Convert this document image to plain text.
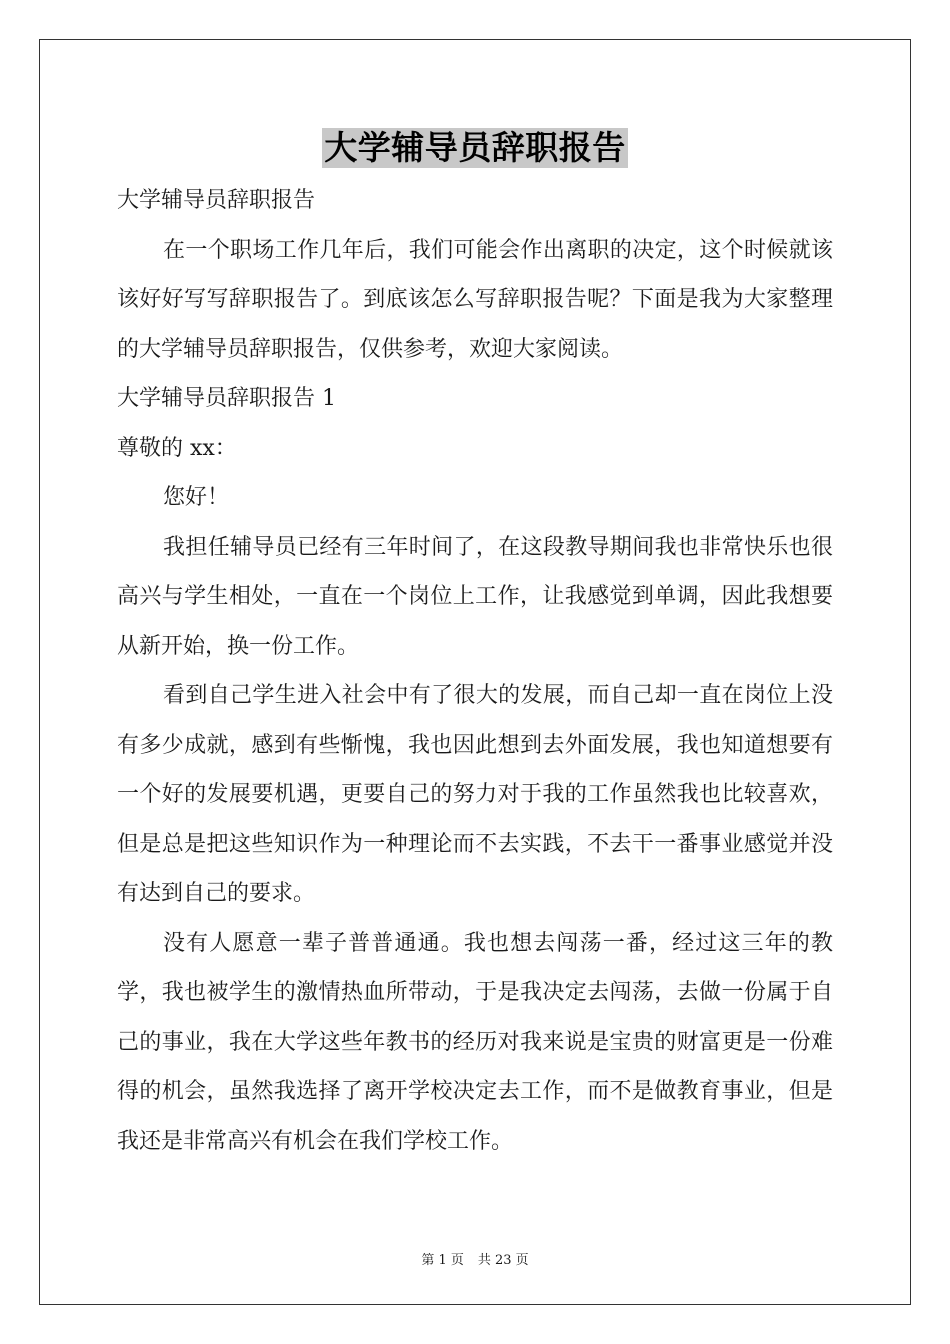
大学辅导员辞职报告

大学辅导员辞职报告

在一个职场工作几年后，我们可能会作出离职的决定，这个时候就该该好好写写辞职报告了。到底该怎么写辞职报告呢？下面是我为大家整理的大学辅导员辞职报告，仅供参考，欢迎大家阅读。

大学辅导员辞职报告 1

尊敬的 xx：

您好！

我担任辅导员已经有三年时间了，在这段教导期间我也非常快乐也很高兴与学生相处，一直在一个岗位上工作，让我感觉到单调，因此我想要从新开始，换一份工作。

看到自己学生进入社会中有了很大的发展，而自己却一直在岗位上没有多少成就，感到有些惭愧，我也因此想到去外面发展，我也知道想要有一个好的发展要机遇，更要自己的努力对于我的工作虽然我也比较喜欢，但是总是把这些知识作为一种理论而不去实践，不去干一番事业感觉并没有达到自己的要求。

没有人愿意一辈子普普通通。我也想去闯荡一番，经过这三年的教学，我也被学生的激情热血所带动，于是我决定去闯荡，去做一份属于自己的事业，我在大学这些年教书的经历对我来说是宝贵的财富更是一份难得的机会，虽然我选择了离开学校决定去工作，而不是做教育事业，但是我还是非常高兴有机会在我们学校工作。

第 1 页 共 23 页
